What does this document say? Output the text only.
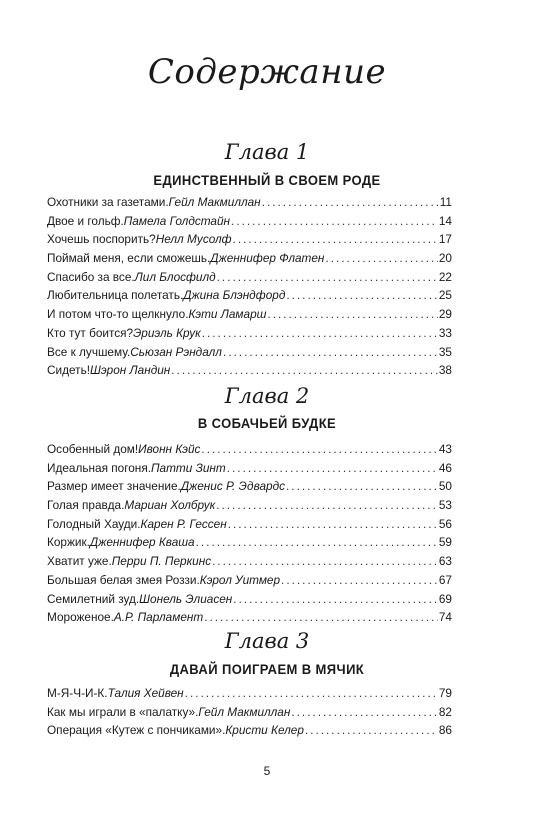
Содержание
Глава 1
ЕДИНСТВЕННЫЙ В СВОЕМ РОДЕ
Охотники за газетами. Гейл Макмиллан .....	11
Двое и гольф. Памела Голдстайн .....	14
Хочешь поспорить? Нелл Мусолф .....	17
Поймай меня, если сможешь. Дженнифер Флатен .....	20
Спасибо за все. Лил Блосфилд .....	22
Любительница полетать. Джина Блэндфорд .....	25
И потом что-то щелкнуло. Кэти Ламарш .....	29
Кто тут боится? Эриэль Крук .....	33
Все к лучшему. Сьюзан Рэндалл .....	35
Сидеть! Шэрон Ландин .....	38
Глава 2
В СОБАЧЬЕЙ БУДКЕ
Особенный дом! Ивонн Кэйс .....	43
Идеальная погоня. Патти Зинт .....	46
Размер имеет значение. Дженис Р. Эдвардс .....	50
Голая правда. Мариан Холбрук .....	53
Голодный Хауди. Карен Р. Гессен .....	56
Коржик. Дженнифер Кваша .....	59
Хватит уже. Перри П. Перкинс .....	63
Большая белая змея Роззи. Кэрол Уитмер .....	67
Семилетний зуд. Шонель Элиасен .....	69
Мороженое. А.Р. Парламент .....	74
Глава 3
ДАВАЙ ПОИГРАЕМ В МЯЧИК
М-Я-Ч-И-К. Талия Хейвен .....	79
Как мы играли в «палатку». Гейл Макмиллан .....	82
Операция «Кутеж с пончиками». Кристи Келер .....	86
5
